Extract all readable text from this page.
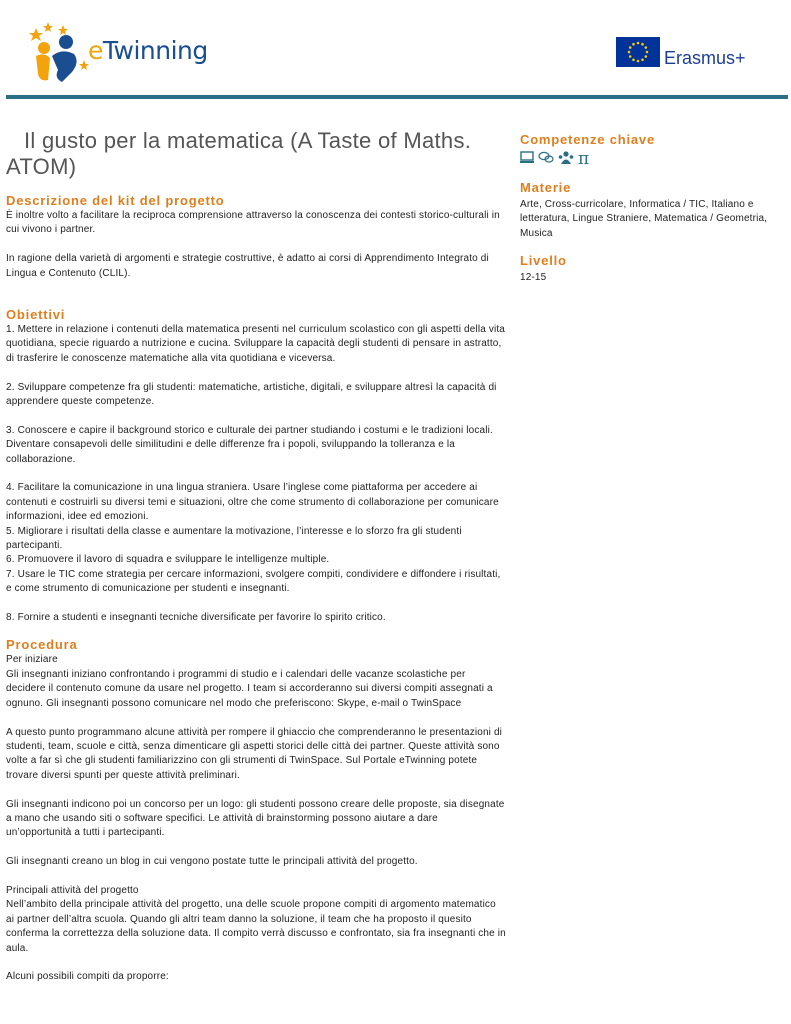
eTwinning	Erasmus+
Il gusto per la matematica (A Taste of Maths. ATOM)
Descrizione del kit del progetto
È inoltre volto a facilitare la reciproca comprensione attraverso la conoscenza dei contesti storico-culturali in cui vivono i partner.
In ragione della varietà di argomenti e strategie costruttive, è adatto ai corsi di Apprendimento Integrato di Lingua e Contenuto (CLIL).
Obiettivi
1. Mettere in relazione i contenuti della matematica presenti nel curriculum scolastico con gli aspetti della vita quotidiana, specie riguardo a nutrizione e cucina. Sviluppare la capacità degli studenti di pensare in astratto, di trasferire le conoscenze matematiche alla vita quotidiana e viceversa.
2. Sviluppare competenze fra gli studenti: matematiche, artistiche, digitali, e sviluppare altresì la capacità di apprendere queste competenze.
3. Conoscere e capire il background storico e culturale dei partner studiando i costumi e le tradizioni locali. Diventare consapevoli delle similitudini e delle differenze fra i popoli, sviluppando la tolleranza e la collaborazione.
4. Facilitare la comunicazione in una lingua straniera. Usare l’inglese come piattaforma per accedere ai contenuti e costruirli su diversi temi e situazioni, oltre che come strumento di collaborazione per comunicare informazioni, idee ed emozioni.
5. Migliorare i risultati della classe e aumentare la motivazione, l’interesse e lo sforzo fra gli studenti partecipanti.
6. Promuovere il lavoro di squadra e sviluppare le intelligenze multiple.
7. Usare le TIC come strategia per cercare informazioni, svolgere compiti, condividere e diffondere i risultati, e come strumento di comunicazione per studenti e insegnanti.
8. Fornire a studenti e insegnanti tecniche diversificate per favorire lo spirito critico.
Procedura
Per iniziare
Gli insegnanti iniziano confrontando i programmi di studio e i calendari delle vacanze scolastiche per decidere il contenuto comune da usare nel progetto. I team si accorderanno sui diversi compiti assegnati a ognuno. Gli insegnanti possono comunicare nel modo che preferiscono: Skype, e-mail o TwinSpace
A questo punto programmano alcune attività per rompere il ghiaccio che comprenderanno le presentazioni di studenti, team, scuole e città, senza dimenticare gli aspetti storici delle città dei partner. Queste attività sono volte a far sì che gli studenti familiarizzino con gli strumenti di TwinSpace. Sul Portale eTwinning potete trovare diversi spunti per queste attività preliminari.
Gli insegnanti indicono poi un concorso per un logo: gli studenti possono creare delle proposte, sia disegnate a mano che usando siti o software specifici. Le attività di brainstorming possono aiutare a dare un’opportunità a tutti i partecipanti.
Gli insegnanti creano un blog in cui vengono postate tutte le principali attività del progetto.
Principali attività del progetto
Nell’ambito della principale attività del progetto, una delle scuole propone compiti di argomento matematico ai partner dell’altra scuola. Quando gli altri team danno la soluzione, il team che ha proposto il quesito conferma la correttezza della soluzione data. Il compito verrà discusso e confrontato, sia fra insegnanti che in aula.
Alcuni possibili compiti da proporre:
Competenze chiave
π
Materie
Arte, Cross-curricolare, Informatica / TIC, Italiano e letteratura, Lingue Straniere, Matematica / Geometria, Musica
Livello
12-15
